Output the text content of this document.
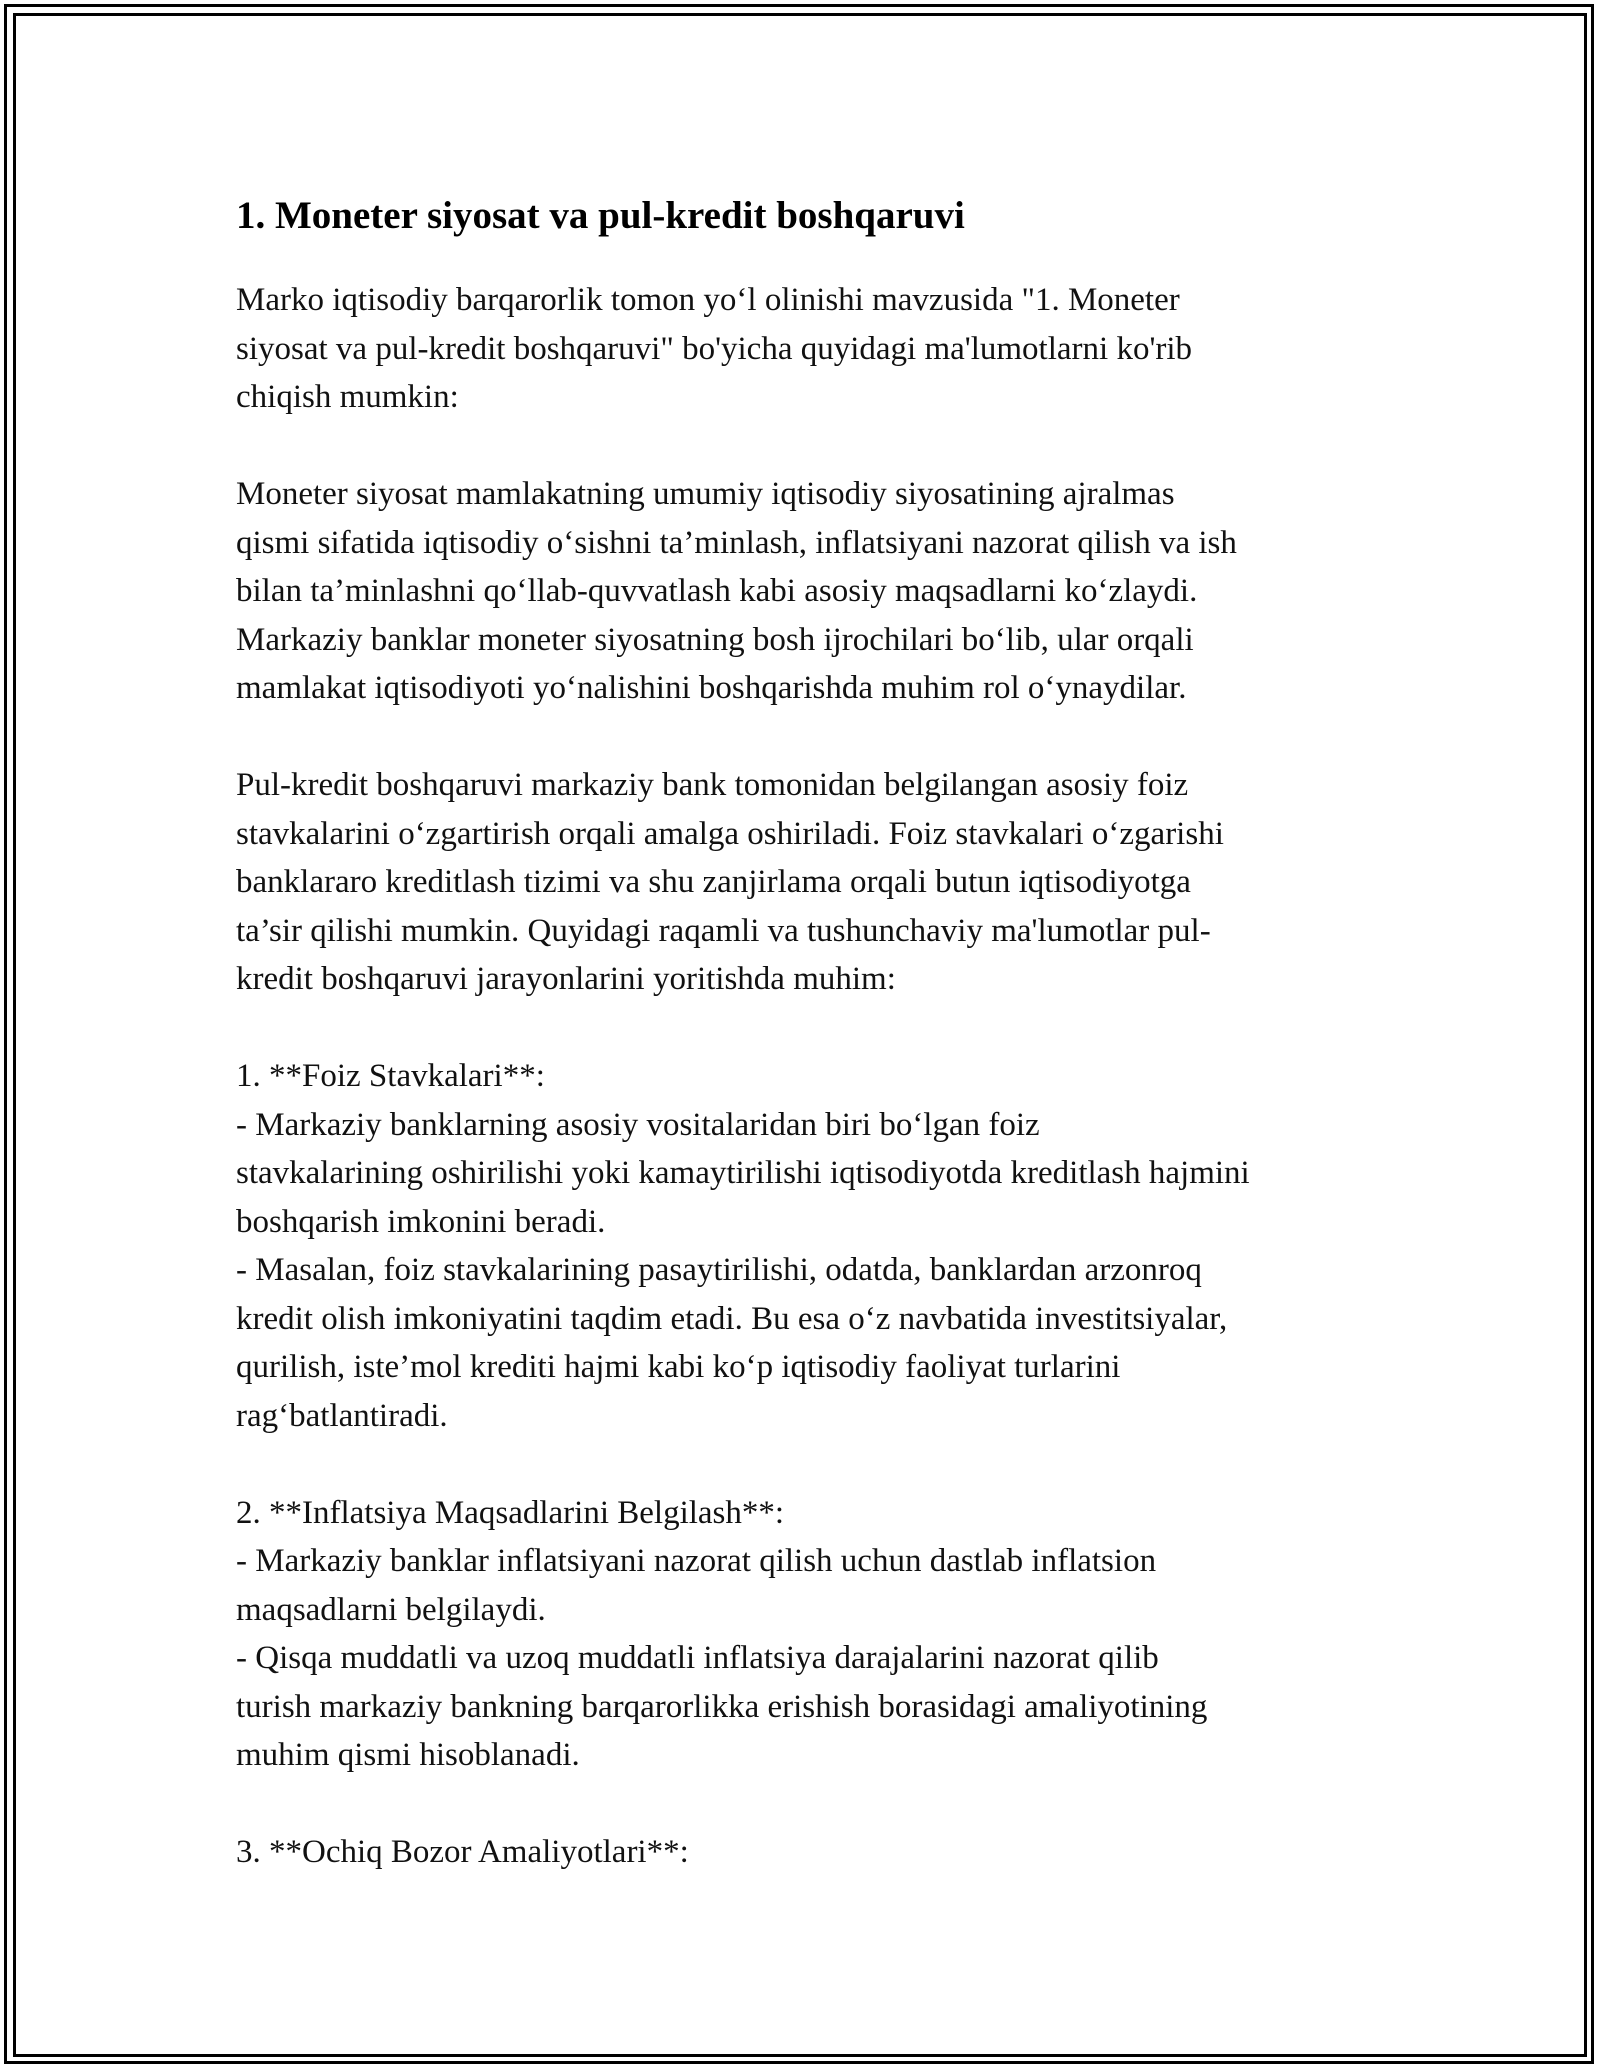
1. Moneter siyosat va pul-kredit boshqaruvi

Marko iqtisodiy barqarorlik tomon yo‘l olinishi mavzusida "1. Moneter
siyosat va pul-kredit boshqaruvi" bo'yicha quyidagi ma'lumotlarni ko'rib
chiqish mumkin:

Moneter siyosat mamlakatning umumiy iqtisodiy siyosatining ajralmas
qismi sifatida iqtisodiy o‘sishni ta’minlash, inflatsiyani nazorat qilish va ish
bilan ta’minlashni qo‘llab-quvvatlash kabi asosiy maqsadlarni ko‘zlaydi.
Markaziy banklar moneter siyosatning bosh ijrochilari bo‘lib, ular orqali
mamlakat iqtisodiyoti yo‘nalishini boshqarishda muhim rol o‘ynaydilar.

Pul-kredit boshqaruvi markaziy bank tomonidan belgilangan asosiy foiz
stavkalarini o‘zgartirish orqali amalga oshiriladi. Foiz stavkalari o‘zgarishi
banklararo kreditlash tizimi va shu zanjirlama orqali butun iqtisodiyotga
ta’sir qilishi mumkin. Quyidagi raqamli va tushunchaviy ma'lumotlar pul-
kredit boshqaruvi jarayonlarini yoritishda muhim:

1. **Foiz Stavkalari**:

- Markaziy banklarning asosiy vositalaridan biri bo‘lgan foiz
stavkalarining oshirilishi yoki kamaytirilishi iqtisodiyotda kreditlash hajmini
boshqarish imkonini beradi.

- Masalan, foiz stavkalarining pasaytirilishi, odatda, banklardan arzonroq
kredit olish imkoniyatini taqdim etadi. Bu esa o‘z navbatida investitsiyalar,
qurilish, iste’mol krediti hajmi kabi ko‘p iqtisodiy faoliyat turlarini
rag‘batlantiradi.

2. **Inflatsiya Maqsadlarini Belgilash**:

- Markaziy banklar inflatsiyani nazorat qilish uchun dastlab inflatsion
maqsadlarni belgilaydi.

- Qisqa muddatli va uzoq muddatli inflatsiya darajalarini nazorat qilib
turish markaziy bankning barqarorlikka erishish borasidagi amaliyotining
muhim qismi hisoblanadi.

3. **Ochiq Bozor Amaliyotlari**:
